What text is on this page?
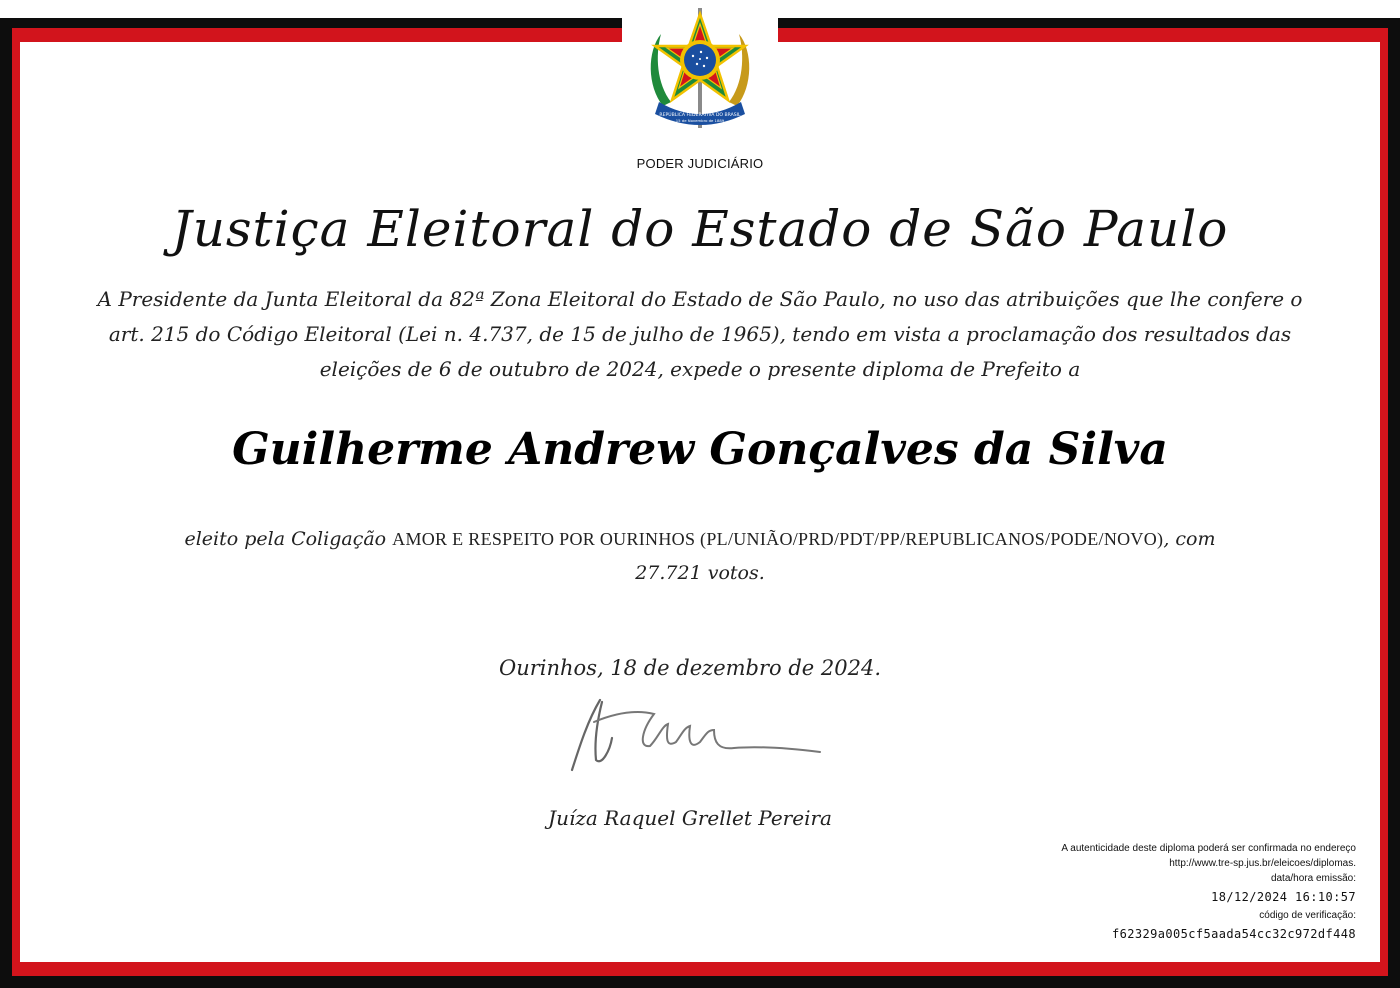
REPÚBLICA FEDERATIVA DO BRASIL
15 de Novembro de 1889
PODER JUDICIÁRIO
Justiça Eleitoral do Estado de São Paulo
A Presidente da Junta Eleitoral da 82ª Zona Eleitoral do Estado de São Paulo, no uso das atribuições que lhe confere o art. 215 do Código Eleitoral (Lei n. 4.737, de 15 de julho de 1965), tendo em vista a proclamação dos resultados das eleições de 6 de outubro de 2024, expede o presente diploma de Prefeito a
Guilherme Andrew Gonçalves da Silva
eleito pela Coligação AMOR E RESPEITO POR OURINHOS (PL/UNIÃO/PRD/PDT/PP/REPUBLICANOS/PODE/NOVO), com
27.721 votos.
Ourinhos, 18 de dezembro de 2024.
Juíza Raquel Grellet Pereira
A autenticidade deste diploma poderá ser confirmada no endereço
http://www.tre-sp.jus.br/eleicoes/diplomas.
data/hora emissão:
18/12/2024 16:10:57
código de verificação:
f62329a005cf5aada54cc32c972df448
